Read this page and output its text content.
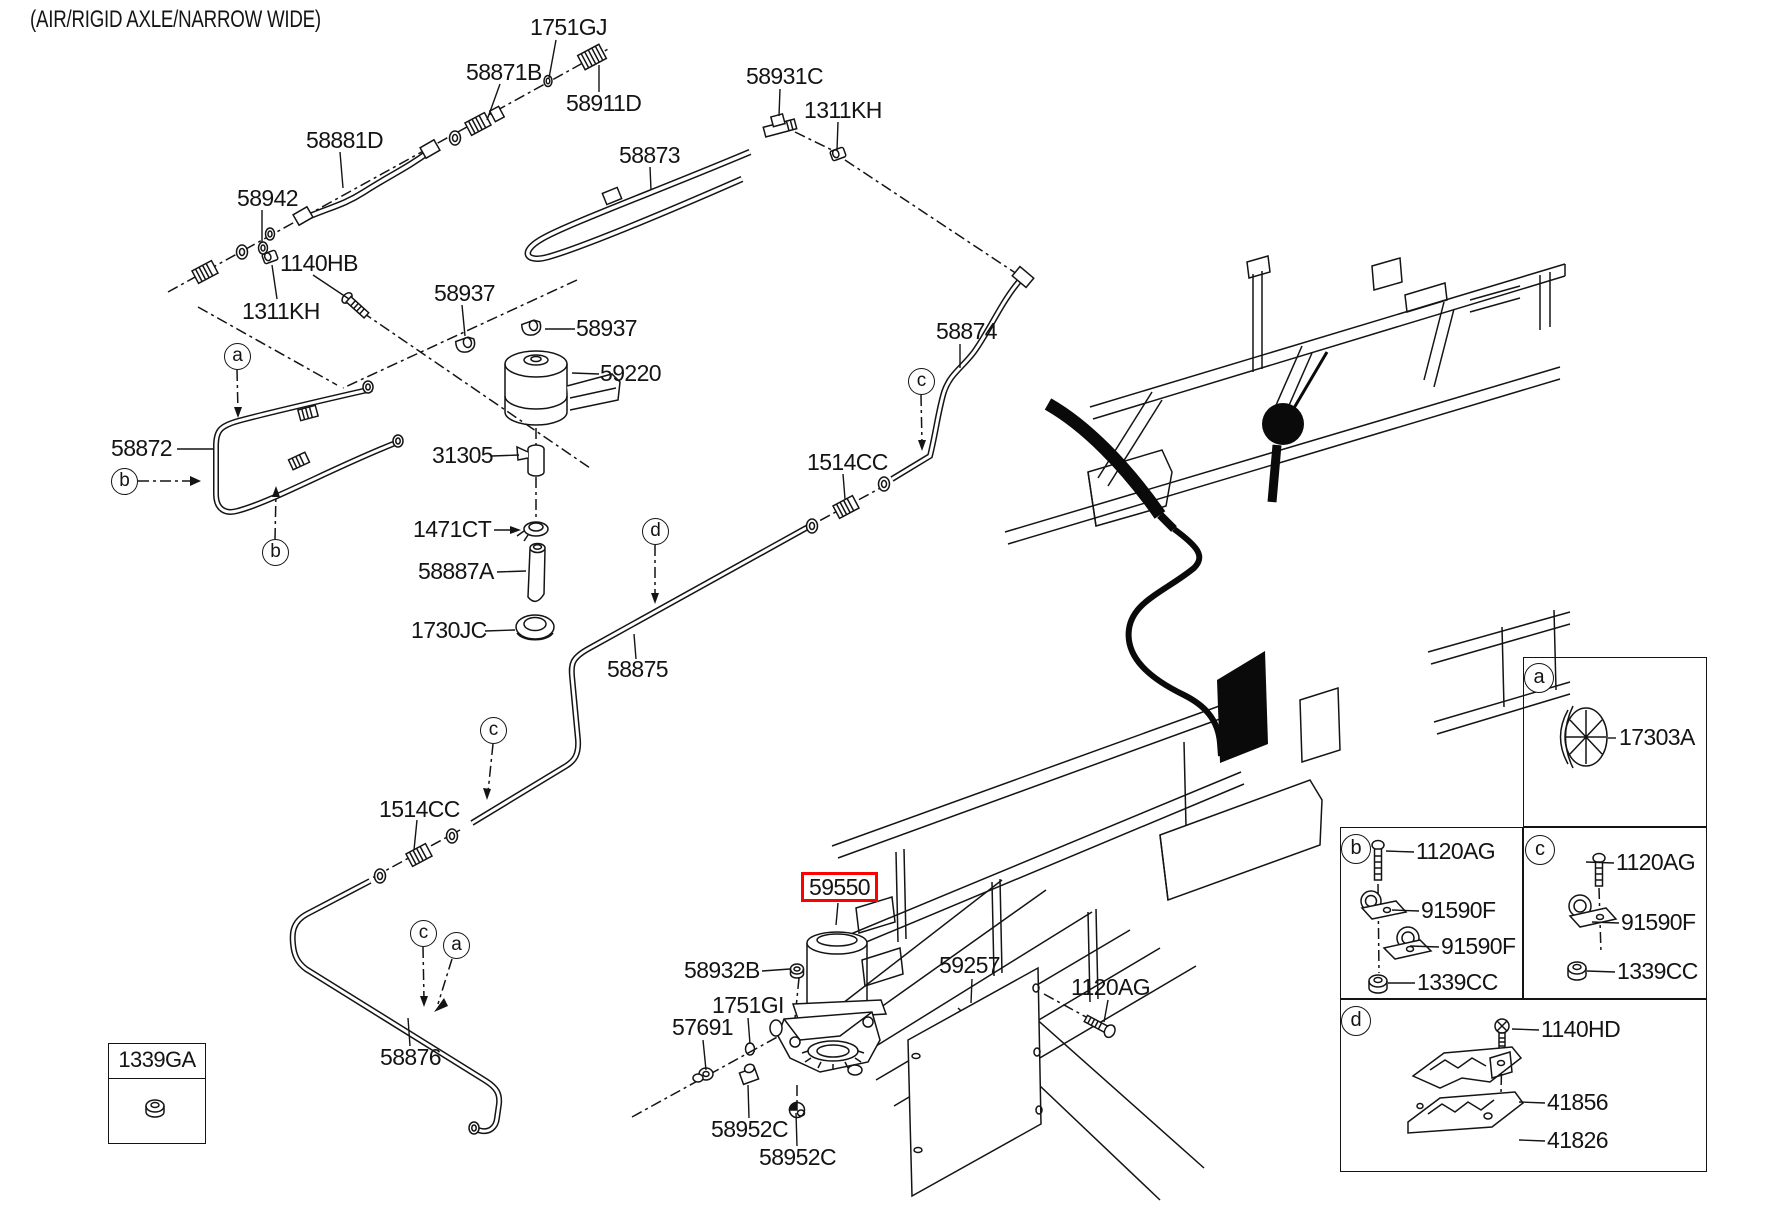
(AIR/RIGID AXLE/NARROW WIDE)	1751GJ
58871B
58911D
58881D
58942
1140HB
1311KH
58937
58937
59220
58931C
1311KH
58873
58874
58872	31305
1471CT
58887A
1730JC
58875
1514CC
1514CC
58876
59550
58932B
1751GI
57691
58952C
58952C
59257
1120AG
a
b
b
c
d
c
c
a
1339GA
a
b	c
d
17303A
1120AG
91590F
91590F
1339CC
1120AG
91590F
1339CC
1140HD
41856
41826
